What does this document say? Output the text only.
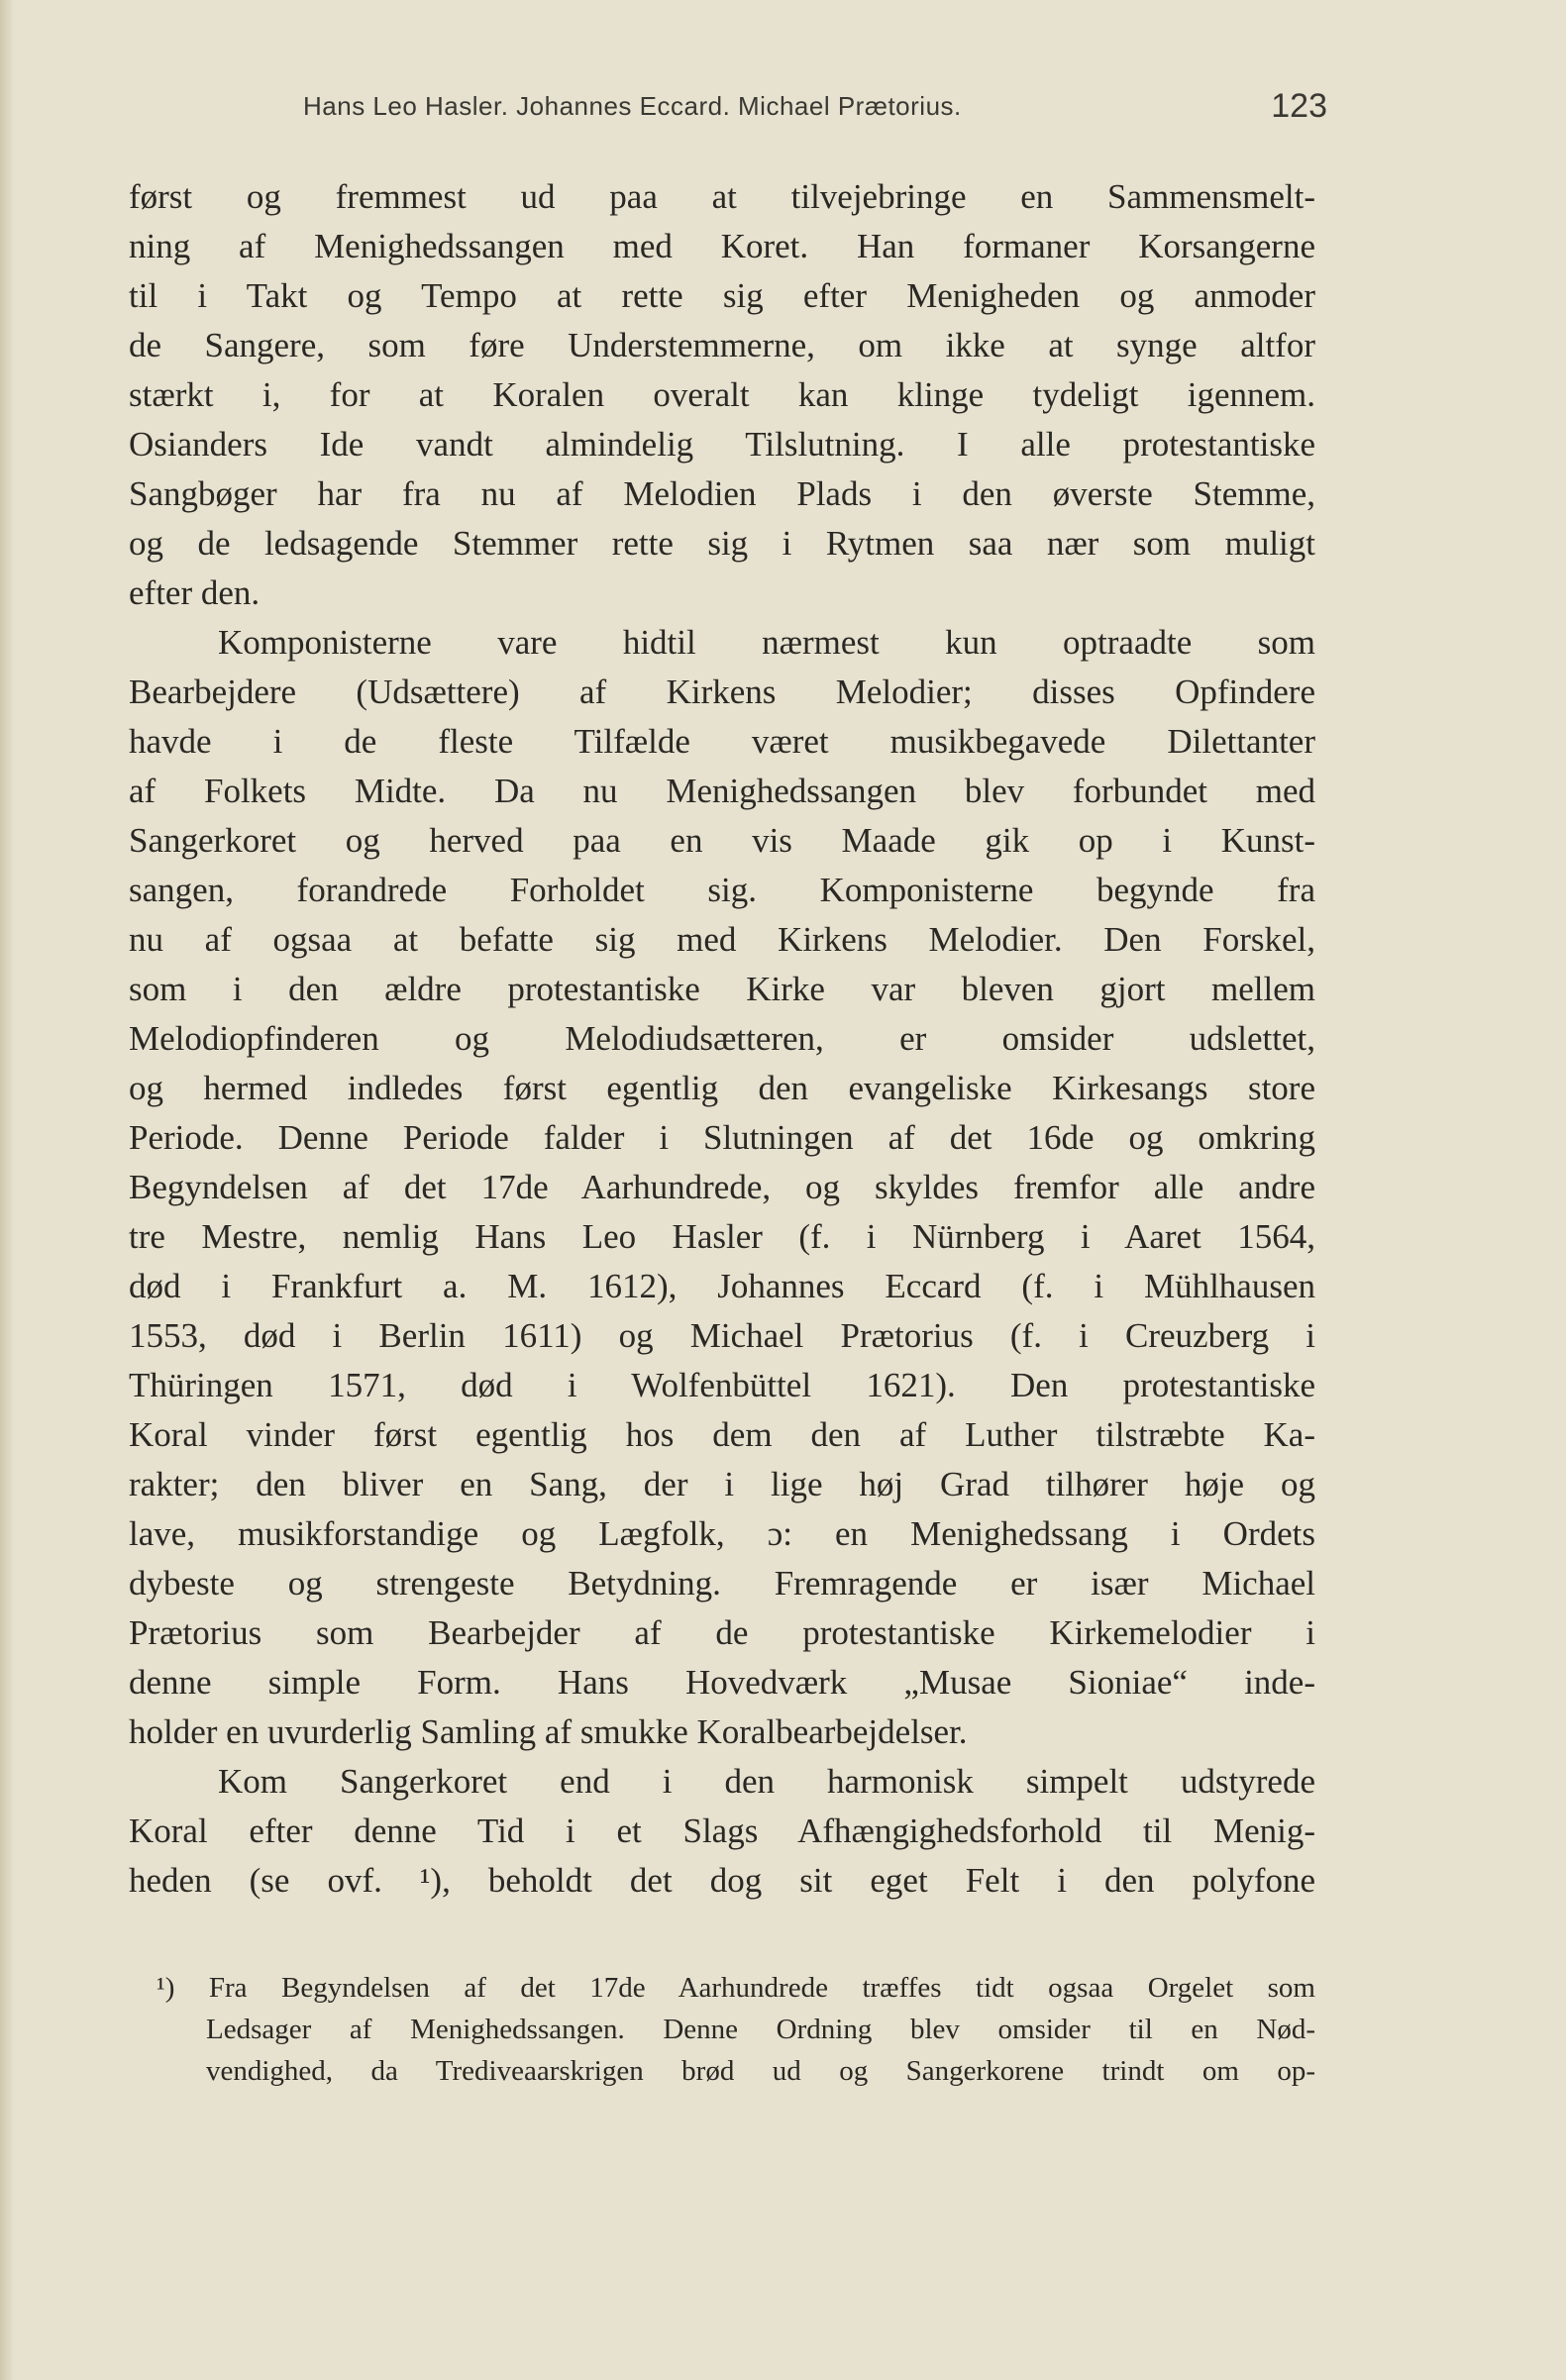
Hans Leo Hasler. Johannes Eccard. Michael Prætorius.	123
først og fremmest ud paa at tilvejebringe en Sammensmelt-
ning af Menighedssangen med Koret. Han formaner Korsangerne
til i Takt og Tempo at rette sig efter Menigheden og anmoder
de Sangere, som føre Understemmerne, om ikke at synge altfor
stærkt i, for at Koralen overalt kan klinge tydeligt igennem.
Osianders Ide vandt almindelig Tilslutning. I alle protestantiske
Sangbøger har fra nu af Melodien Plads i den øverste Stemme,
og de ledsagende Stemmer rette sig i Rytmen saa nær som muligt
efter den.
Komponisterne vare hidtil nærmest kun optraadte som
Bearbejdere (Udsættere) af Kirkens Melodier; disses Opfindere
havde i de fleste Tilfælde været musikbegavede Dilettanter
af Folkets Midte. Da nu Menighedssangen blev forbundet med
Sangerkoret og herved paa en vis Maade gik op i Kunst-
sangen, forandrede Forholdet sig. Komponisterne begynde fra
nu af ogsaa at befatte sig med Kirkens Melodier. Den Forskel,
som i den ældre protestantiske Kirke var bleven gjort mellem
Melodiopfinderen og Melodiudsætteren, er omsider udslettet,
og hermed indledes først egentlig den evangeliske Kirkesangs store
Periode. Denne Periode falder i Slutningen af det 16de og omkring
Begyndelsen af det 17de Aarhundrede, og skyldes fremfor alle andre
tre Mestre, nemlig Hans Leo Hasler (f. i Nürnberg i Aaret 1564,
død i Frankfurt a. M. 1612), Johannes Eccard (f. i Mühlhausen
1553, død i Berlin 1611) og Michael Prætorius (f. i Creuzberg i
Thüringen 1571, død i Wolfenbüttel 1621). Den protestantiske
Koral vinder først egentlig hos dem den af Luther tilstræbte Ka-
rakter; den bliver en Sang, der i lige høj Grad tilhører høje og
lave, musikforstandige og Lægfolk, ɔ: en Menighedssang i Ordets
dybeste og strengeste Betydning. Fremragende er især Michael
Prætorius som Bearbejder af de protestantiske Kirkemelodier i
denne simple Form. Hans Hovedværk „Musae Sioniae“ inde-
holder en uvurderlig Samling af smukke Koralbearbejdelser.
Kom Sangerkoret end i den harmonisk simpelt udstyrede
Koral efter denne Tid i et Slags Afhængighedsforhold til Menig-
heden (se ovf. ¹), beholdt det dog sit eget Felt i den polyfone
¹) Fra Begyndelsen af det 17de Aarhundrede træffes tidt ogsaa Orgelet som
Ledsager af Menighedssangen. Denne Ordning blev omsider til en Nød-
vendighed, da Trediveaarskrigen brød ud og Sangerkorene trindt om op-
